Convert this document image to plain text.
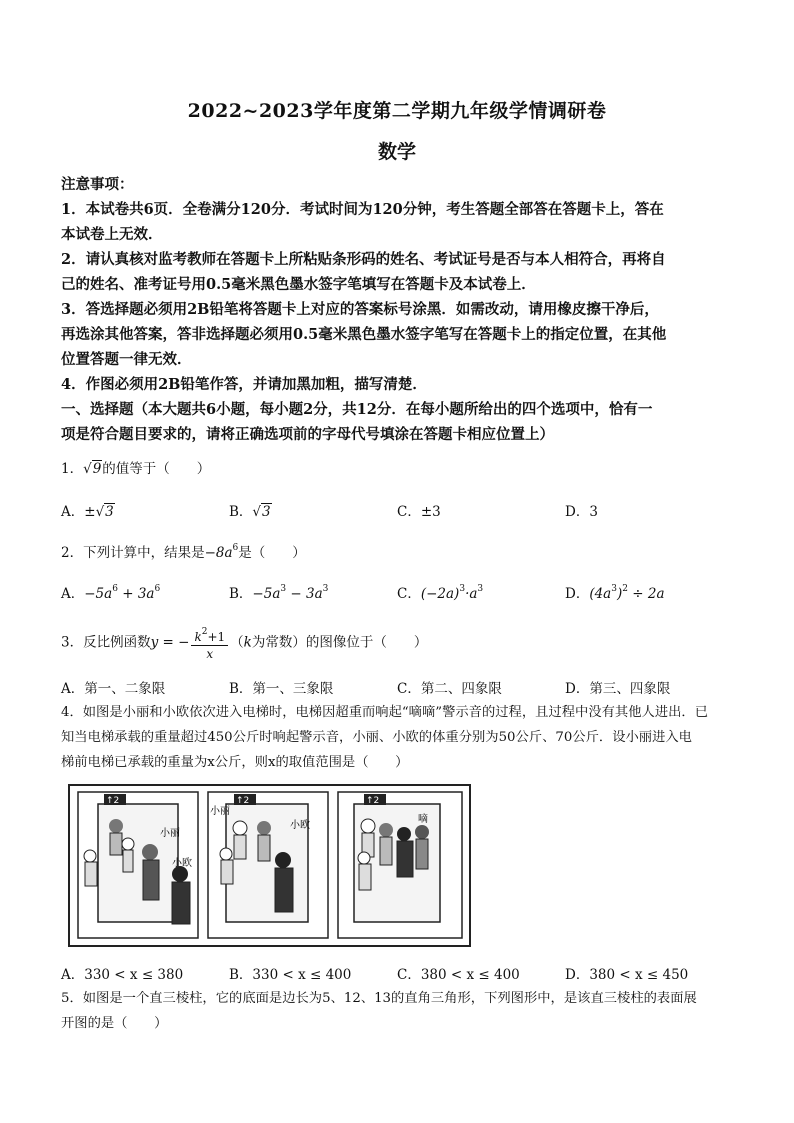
2022~2023学年度第二学期九年级学情调研卷
数学
注意事项：
1．本试卷共6页．全卷满分120分．考试时间为120分钟，考生答题全部答在答题卡上，答在
本试卷上无效．
2．请认真核对监考教师在答题卡上所粘贴条形码的姓名、考试证号是否与本人相符合，再将自
己的姓名、准考证号用0.5毫米黑色墨水签字笔填写在答题卡及本试卷上．
3．答选择题必须用2B铅笔将答题卡上对应的答案标号涂黑．如需改动，请用橡皮擦干净后，
再选涂其他答案，答非选择题必须用0.5毫米黑色墨水签字笔写在答题卡上的指定位置，在其他
位置答题一律无效．
4．作图必须用2B铅笔作答，并请加黑加粗，描写清楚．
一、选择题（本大题共6小题，每小题2分，共12分．在每小题所给出的四个选项中，恰有一
项是符合题目要求的，请将正确选项前的字母代号填涂在答题卡相应位置上）
1．√9的值等于（　　）
A．±√3	B．√3	C．±3	D．3
2．下列计算中，结果是$-8a^6$是（　　）
A．$-5a^6 + 3a^6$	B．$-5a^3 - 3a^3$	C．$(-2a)^3\cdot a^3$	D．$(4a^3)^2 \div 2a$
3．反比例函数y = − $\frac{k^2+1}{x} (k$为常数）的图像位于（　　）
A．第一、二象限	B．第一、三象限	C．第二、四象限	D．第三、四象限
4．如图是小丽和小欧依次进入电梯时，电梯因超重而响起“嘀嘀”警示音的过程，且过程中没有其他人进出．已
知当电梯承载的重量超过450公斤时响起警示音，小丽、小欧的体重分别为50公斤、70公斤．设小丽进入电
梯前电梯已承载的重量为x公斤，则x的取值范围是（　　）
↑2
小丽
小欧
↑2
小丽
小欧
↑2
嘀
A．330 < x ≤ 380	B．330 < x ≤ 400	C．380 < x ≤ 400	D．380 < x ≤ 450
5．如图是一个直三棱柱，它的底面是边长为5、12、13的直角三角形，下列图形中，是该直三棱柱的表面展
开图的是（　　）
